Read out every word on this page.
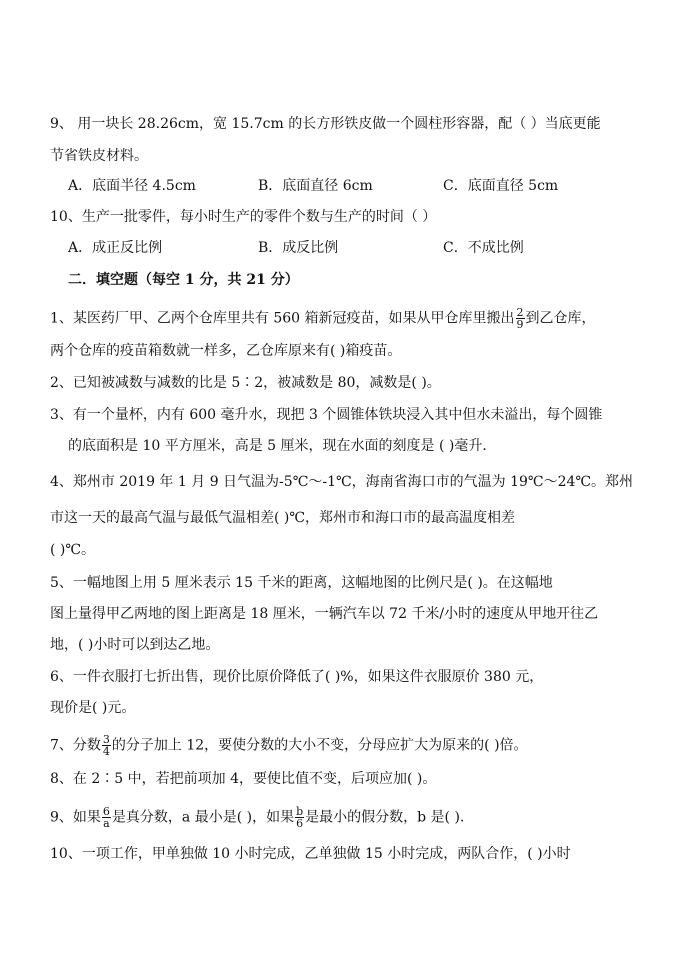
9、 用一块长 28.26cm，宽 15.7cm 的长方形铁皮做一个圆柱形容器，配（ ）当底更能
节省铁皮材料。
A．底面半径 4.5cm	B．底面直径 6cm	C．底面直径 5cm
10、生产一批零件，每小时生产的零件个数与生产的时间（ ）
A．成正反比例	B．成反比例	C．不成比例
二．填空题（每空 1 分，共 21 分）
1、某医药厂甲、乙两个仓库里共有 560 箱新冠疫苗，如果从甲仓库里搬出 $\frac{2}{9}$ 到乙仓库，
两个仓库的疫苗箱数就一样多，乙仓库原来有( )箱疫苗。
2、已知被减数与减数的比是 5∶2，被减数是 80，减数是( )。
3、有一个量杯，内有 600 毫升水，现把 3 个圆锥体铁块浸入其中但水未溢出，每个圆锥
的底面积是 10 平方厘米，高是 5 厘米，现在水面的刻度是 ( )毫升．
4、郑州市 2019 年 1 月 9 日气温为-5℃～-1℃，海南省海口市的气温为 19℃～24℃。郑州
市这一天的最高气温与最低气温相差( )℃，郑州市和海口市的最高温度相差
( )℃。
5、一幅地图上用 5 厘米表示 15 千米的距离，这幅地图的比例尺是( )。在这幅地
图上量得甲乙两地的图上距离是 18 厘米，一辆汽车以 72 千米/小时的速度从甲地开往乙
地，( )小时可以到达乙地。
6、一件衣服打七折出售，现价比原价降低了( )%，如果这件衣服原价 380 元，
现价是( )元。
7、分数 $\frac{3}{4}$ 的分子加上 12，要使分数的大小不变，分母应扩大为原来的( )倍。
8、在 2∶5 中，若把前项加 4，要使比值不变，后项应加( )。
9、如果 $\frac{6}{a}$ 是真分数，a 最小是( )，如果 $\frac{b}{6}$ 是最小的假分数，b 是( ).
10、一项工作，甲单独做 10 小时完成，乙单独做 15 小时完成，两队合作，( )小时
